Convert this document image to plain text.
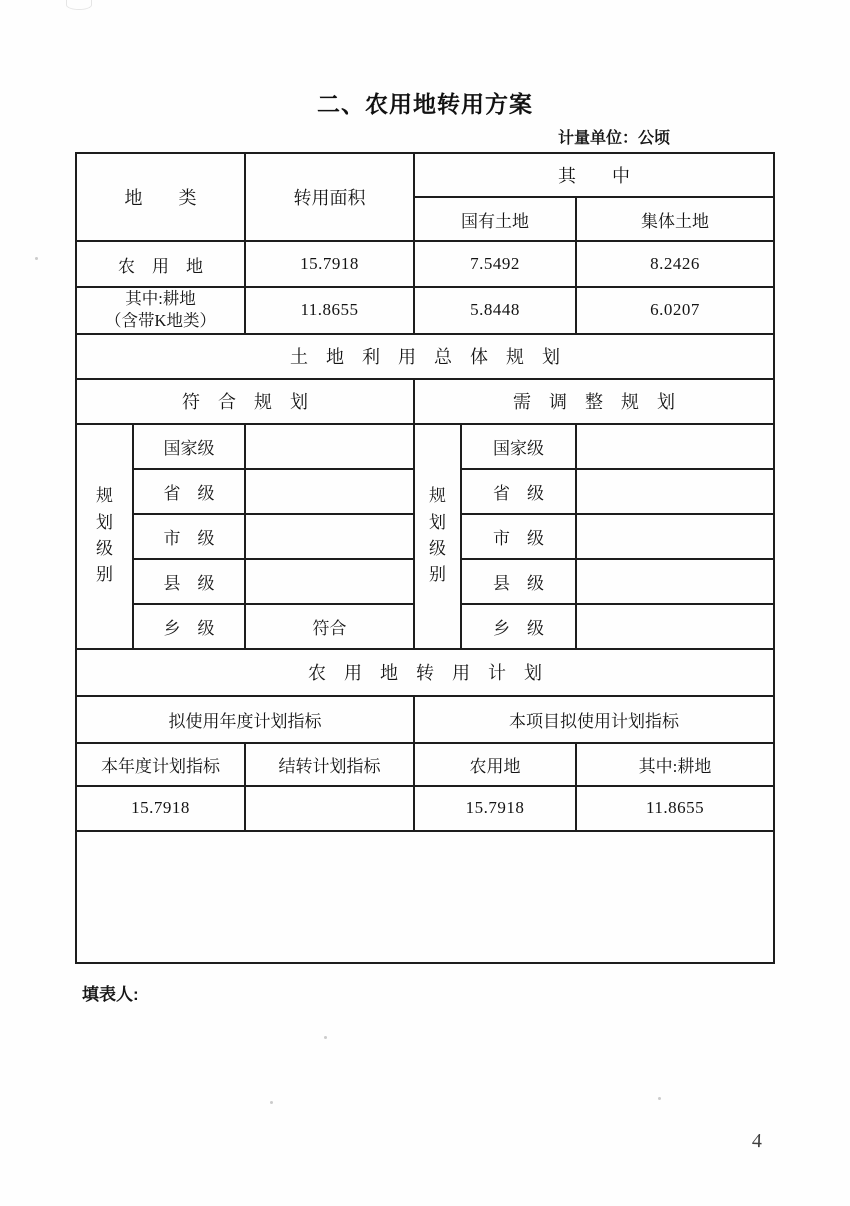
二、农用地转用方案
计量单位：公顷
地　　类		转用面积	其　　中		
			国有土地		集体土地
农　用　地		15.7918	7.5492		8.2426

其中:耕地
（含带K地类）		11.8655	5.8448		6.0207
土　地　利　用　总　体　规　划					
符　合　规　划			需　调　整　规　划		
规划级别	国家级		规划级别	国家级	
	省　级			省　级	
	市　级			市　级	
	县　级			县　级	
	乡　级	符合		乡　级	
农　用　地　转　用　计　划					
拟使用年度计划指标			本项目拟使用计划指标		
本年度计划指标		结转计划指标	农用地		其中:耕地
15.7918			15.7918		11.8655

填表人:
4
